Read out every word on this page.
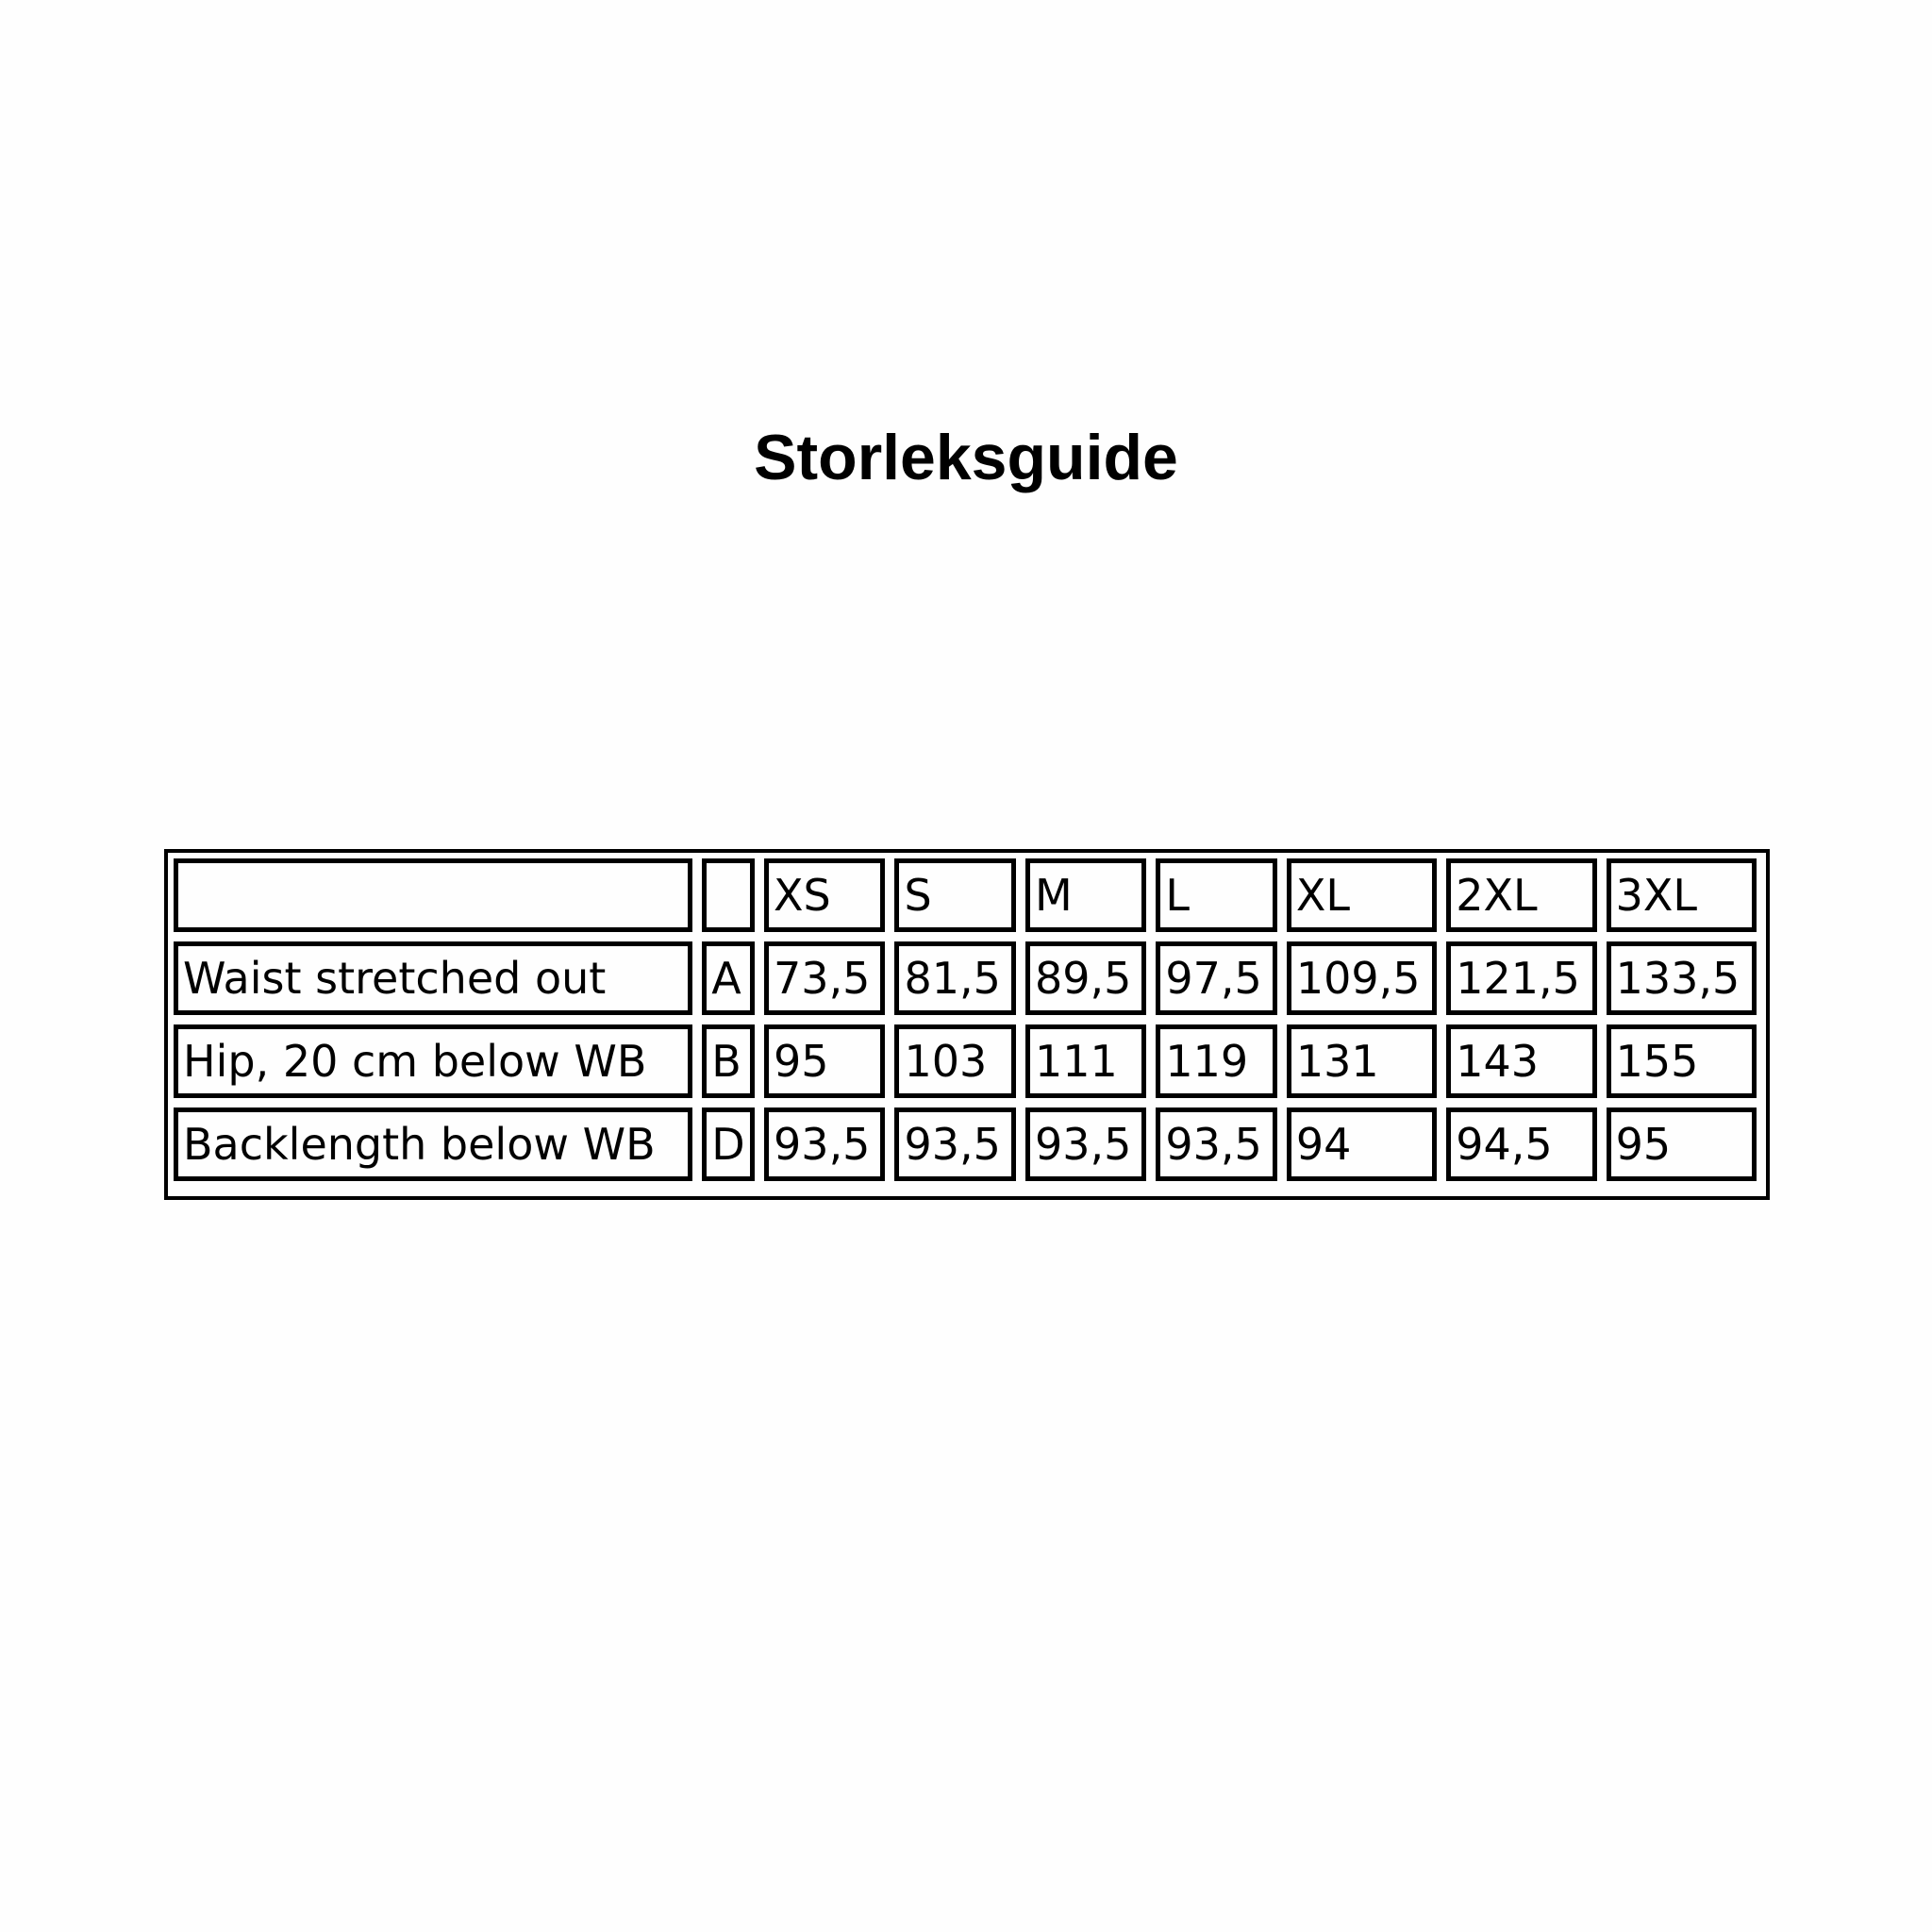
Storleksguide
		XS	S	M	L	XL	2XL	3XL
Waist stretched out	A	73,5	81,5	89,5	97,5	109,5	121,5	133,5
Hip, 20 cm below WB	B	95	103	111	119	131	143	155
Backlength below WB	D	93,5	93,5	93,5	93,5	94	94,5	95
